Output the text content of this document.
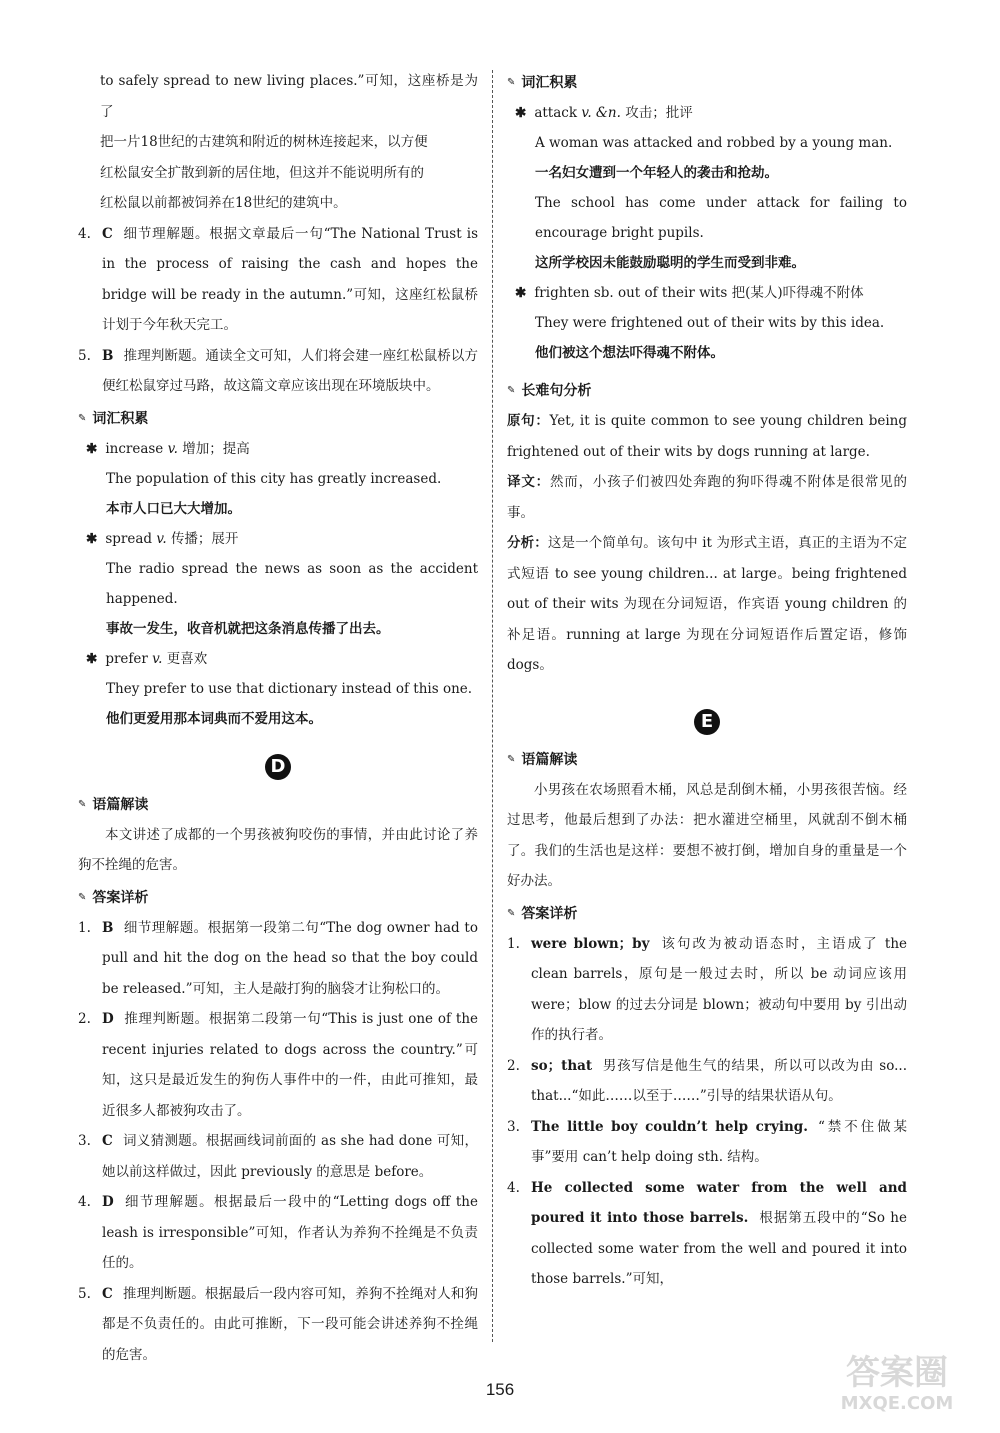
to safely spread to new living places.”可知，这座桥是为了

把一片18世纪的古建筑和附近的树林连接起来，以方便

红松鼠安全扩散到新的居住地，但这并不能说明所有的

红松鼠以前都被饲养在18世纪的建筑中。

4. C 细节理解题。根据文章最后一句“The National Trust is in the process of raising the cash and hopes the bridge will be ready in the autumn.”可知，这座红松鼠桥计划于今年秋天完工。
5. B 推理判断题。通读全文可知，人们将会建一座红松鼠桥以方便红松鼠穿过马路，故这篇文章应该出现在环境版块中。
✎ 词汇积累
✱ increase v. 增加；提高
The population of this city has greatly increased.
本市人口已大大增加。
✱ spread v. 传播；展开
The radio spread the news as soon as the accident happened.
事故一发生，收音机就把这条消息传播了出去。
✱ prefer v. 更喜欢
They prefer to use that dictionary instead of this one.
他们更爱用那本词典而不爱用这本。
D
✎ 语篇解读

本文讲述了成都的一个男孩被狗咬伤的事情，并由此讨论了养狗不拴绳的危害。

✎ 答案详析
1. B 细节理解题。根据第一段第二句“The dog owner had to pull and hit the dog on the head so that the boy could be released.”可知，主人是敲打狗的脑袋才让狗松口的。
2. D 推理判断题。根据第二段第一句“This is just one of the recent injuries related to dogs across the country.”可知，这只是最近发生的狗伤人事件中的一件，由此可推知，最近很多人都被狗攻击了。
3. C 词义猜测题。根据画线词前面的 as she had done 可知，她以前这样做过，因此 previously 的意思是 before。
4. D 细节理解题。根据最后一段中的“Letting dogs off the leash is irresponsible”可知，作者认为养狗不拴绳是不负责任的。
5. C 推理判断题。根据最后一段内容可知，养狗不拴绳对人和狗都是不负责任的。由此可推断，下一段可能会讲述养狗不拴绳的危害。
✎ 词汇积累
✱ attack v. &n. 攻击；批评
A woman was attacked and robbed by a young man.
一名妇女遭到一个年轻人的袭击和抢劫。
The school has come under attack for failing to encourage bright pupils.
这所学校因未能鼓励聪明的学生而受到非难。
✱ frighten sb. out of their wits 把(某人)吓得魂不附体
They were frightened out of their wits by this idea.
他们被这个想法吓得魂不附体。
✎ 长难句分析

原句：Yet, it is quite common to see young children being frightened out of their wits by dogs running at large.

译文：然而，小孩子们被四处奔跑的狗吓得魂不附体是很常见的事。

分析：这是一个简单句。该句中 it 为形式主语，真正的主语为不定式短语 to see young children... at large。being frightened out of their wits 为现在分词短语，作宾语 young children 的补足语。running at large 为现在分词短语作后置定语，修饰 dogs。

E
✎ 语篇解读

小男孩在农场照看木桶，风总是刮倒木桶，小男孩很苦恼。经过思考，他最后想到了办法：把水灌进空桶里，风就刮不倒木桶了。我们的生活也是这样：要想不被打倒，增加自身的重量是一个好办法。

✎ 答案详析
1. were blown；by 该句改为被动语态时，主语成了 the clean barrels，原句是一般过去时，所以 be 动词应该用 were；blow 的过去分词是 blown；被动句中要用 by 引出动作的执行者。
2. so；that 男孩写信是他生气的结果，所以可以改为由 so... that...“如此……以至于……”引导的结果状语从句。
3. The little boy couldn’t help crying. “禁不住做某事”要用 can’t help doing sth. 结构。
4. He collected some water from the well and poured it into those barrels. 根据第五段中的“So he collected some water from the well and poured it into those barrels.”可知，
156	答案圈
MXQE.COM
